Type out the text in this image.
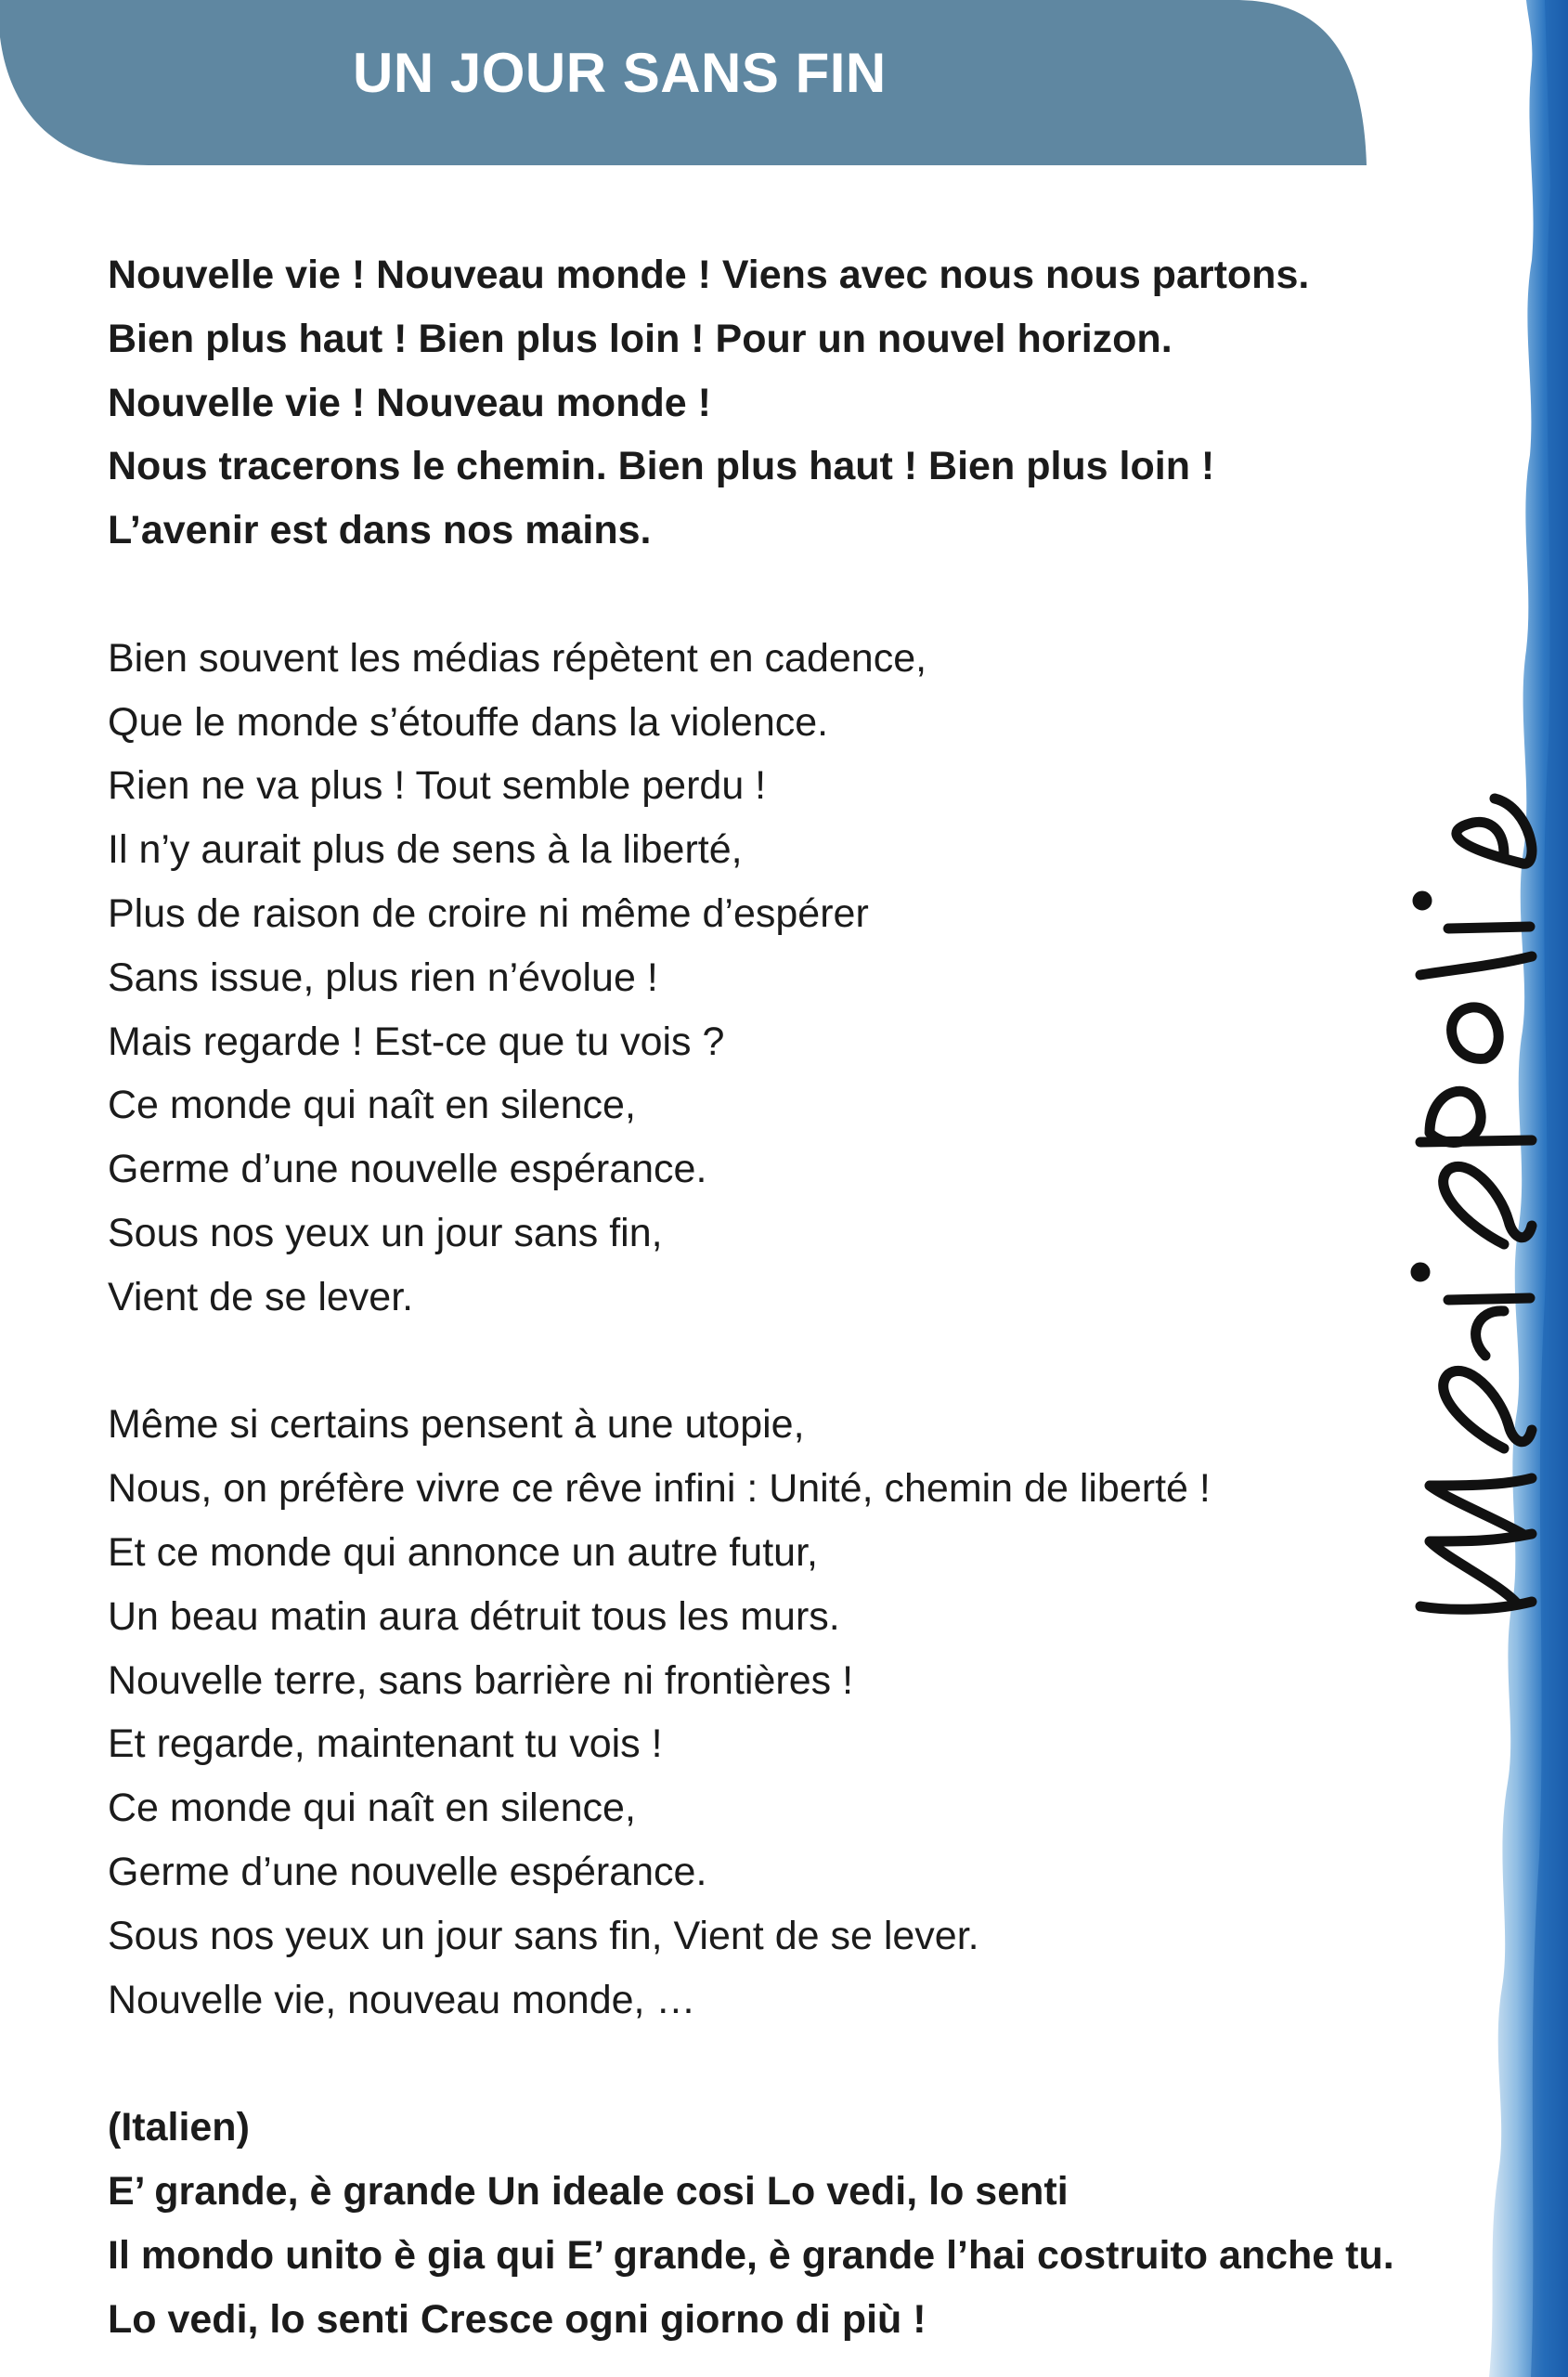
UN JOUR SANS FIN
Nouvelle vie ! Nouveau monde ! Viens avec nous nous partons.
Bien plus haut ! Bien plus loin ! Pour un nouvel horizon.
Nouvelle vie ! Nouveau monde !
Nous tracerons le chemin. Bien plus haut ! Bien plus loin !
L’avenir est dans nos mains.
Bien souvent les médias répètent en cadence,
Que le monde s’étouffe dans la violence.
Rien ne va plus ! Tout semble perdu !
Il n’y aurait plus de sens à la liberté,
Plus de raison de croire ni même d’espérer
Sans issue, plus rien n’évolue !
Mais regarde ! Est-ce que tu vois ?
Ce monde qui naît en silence,
Germe d’une nouvelle espérance.
Sous nos yeux un jour sans fin,
Vient de se lever.
Même si certains pensent à une utopie,
Nous, on préfère vivre ce rêve infini : Unité, chemin de liberté !
Et ce monde qui annonce un autre futur,
Un beau matin aura détruit tous les murs.
Nouvelle terre, sans barrière ni frontières !
Et regarde, maintenant tu vois !
Ce monde qui naît en silence,
Germe d’une nouvelle espérance.
Sous nos yeux un jour sans fin, Vient de se lever.
Nouvelle vie, nouveau monde, …
(Italien)
E’ grande, è grande Un ideale cosi Lo vedi, lo senti
Il mondo unito è gia qui E’ grande, è grande l’hai costruito anche tu.
Lo vedi, lo senti Cresce ogni giorno di più !
